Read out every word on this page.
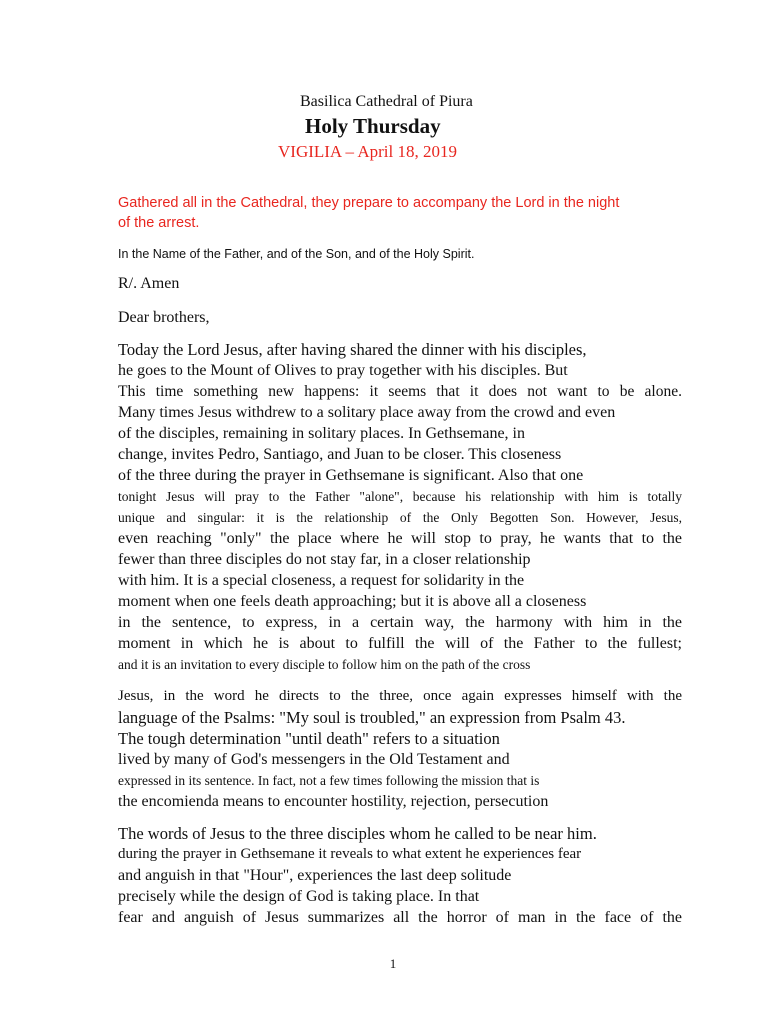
Basilica Cathedral of Piura
Holy Thursday
VIGILIA – April 18, 2019
Gathered all in the Cathedral, they prepare to accompany the Lord in the night
of the arrest.
In the Name of the Father, and of the Son, and of the Holy Spirit.
R/. Amen
Dear brothers,
Today the Lord Jesus, after having shared the dinner with his disciples,
he goes to the Mount of Olives to pray together with his disciples. But
This time something new happens: it seems that it does not want to be alone.
Many times Jesus withdrew to a solitary place away from the crowd and even
of the disciples, remaining in solitary places. In Gethsemane, in
change, invites Pedro, Santiago, and Juan to be closer. This closeness
of the three during the prayer in Gethsemane is significant. Also that one
tonight Jesus will pray to the Father "alone", because his relationship with him is totally
unique and singular: it is the relationship of the Only Begotten Son. However, Jesus,
even reaching "only" the place where he will stop to pray, he wants that to the
fewer than three disciples do not stay far, in a closer relationship
with him. It is a special closeness, a request for solidarity in the
moment when one feels death approaching; but it is above all a closeness
in the sentence, to express, in a certain way, the harmony with him in the
moment in which he is about to fulfill the will of the Father to the fullest;
and it is an invitation to every disciple to follow him on the path of the cross
Jesus, in the word he directs to the three, once again expresses himself with the
language of the Psalms: "My soul is troubled," an expression from Psalm 43.
The tough determination "until death" refers to a situation
lived by many of God's messengers in the Old Testament and
expressed in its sentence. In fact, not a few times following the mission that is
the encomienda means to encounter hostility, rejection, persecution
The words of Jesus to the three disciples whom he called to be near him.
during the prayer in Gethsemane it reveals to what extent he experiences fear
and anguish in that "Hour", experiences the last deep solitude
precisely while the design of God is taking place. In that
fear and anguish of Jesus summarizes all the horror of man in the face of the
1
